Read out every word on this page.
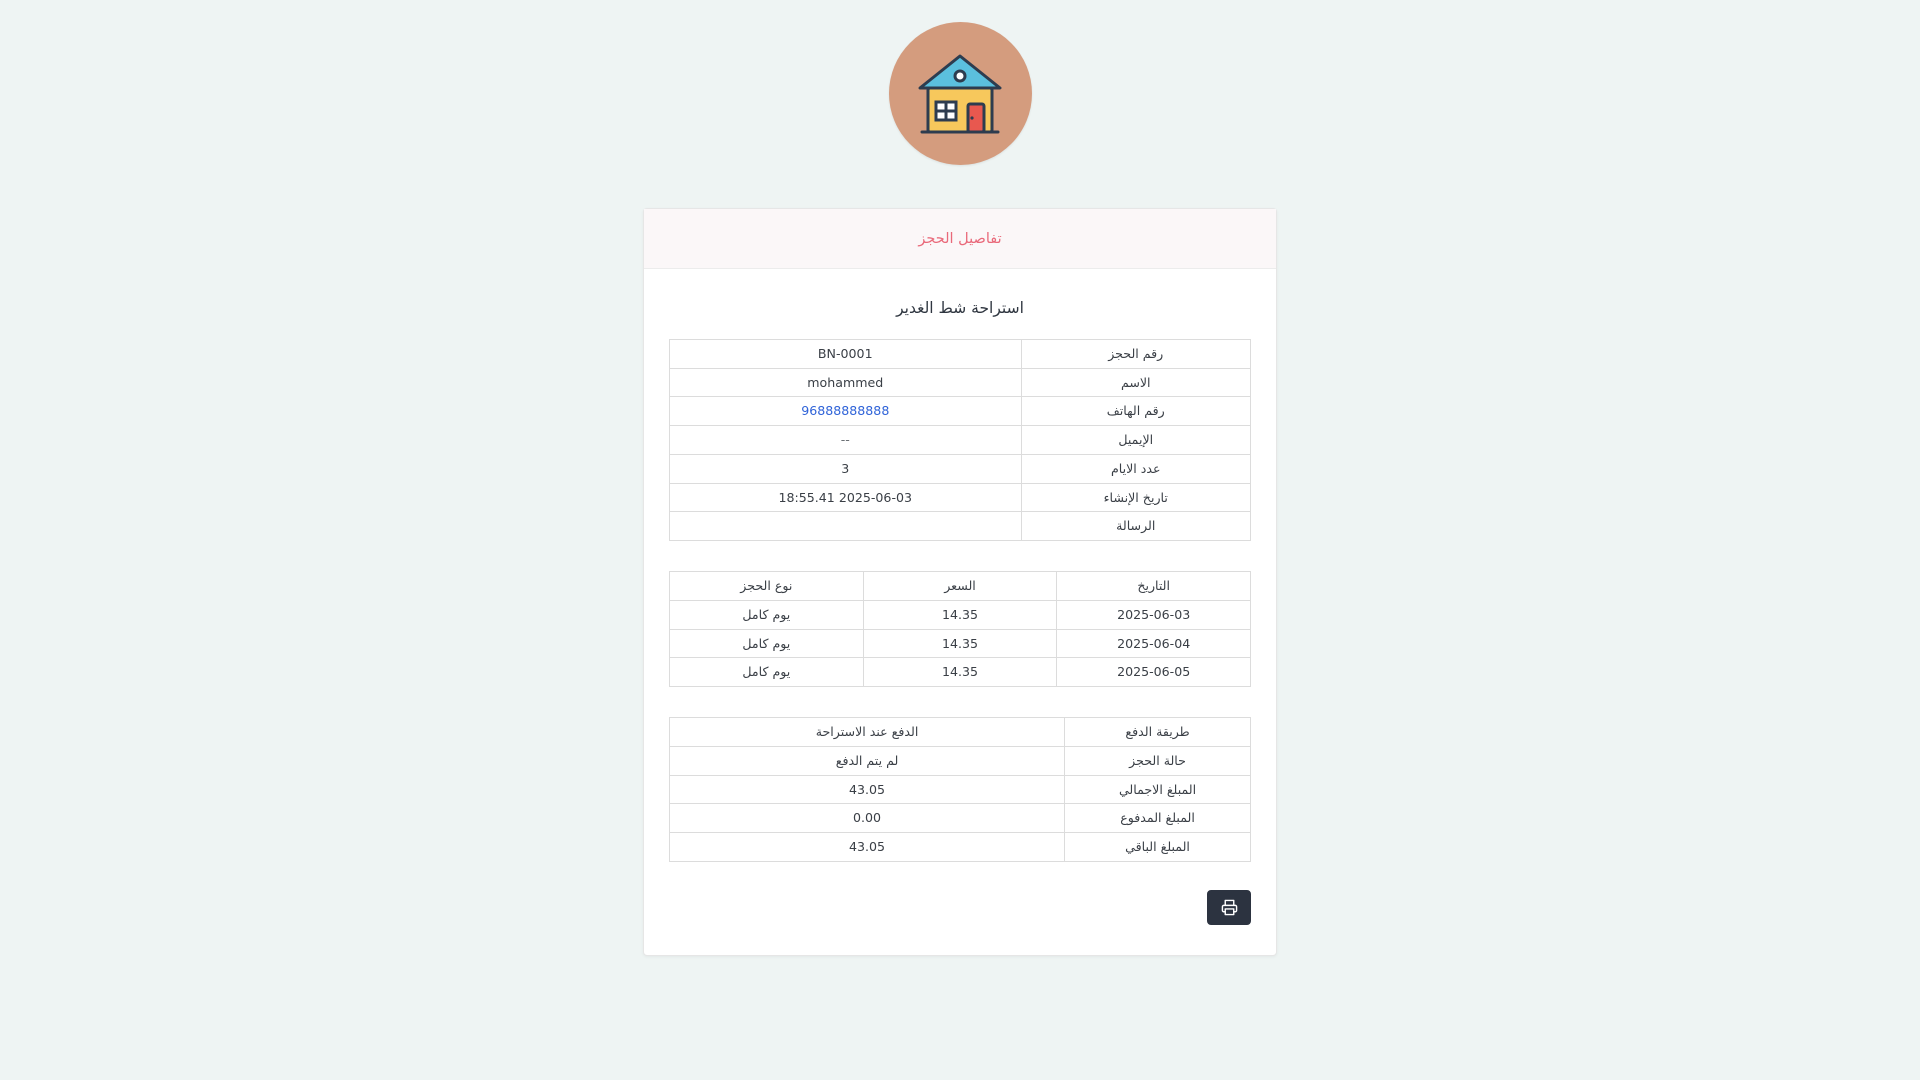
تفاصيل الحجز
استراحة شط الغدير
رقم الحجز	BN-0001
الاسم	mohammed
رقم الهاتف	96888888888
الإيميل	--
عدد الايام	3
تاريخ الإنشاء	2025-06-03 18:55.41
الرسالة	
التاريخ	السعر	نوع الحجز
2025-06-03	14.35	يوم كامل
2025-06-04	14.35	يوم كامل
2025-06-05	14.35	يوم كامل
طريقة الدفع	الدفع عند الاستراحة
حالة الحجز	لم يتم الدفع
المبلغ الاجمالي	43.05
المبلغ المدفوع	0.00
المبلغ الباقي	43.05
